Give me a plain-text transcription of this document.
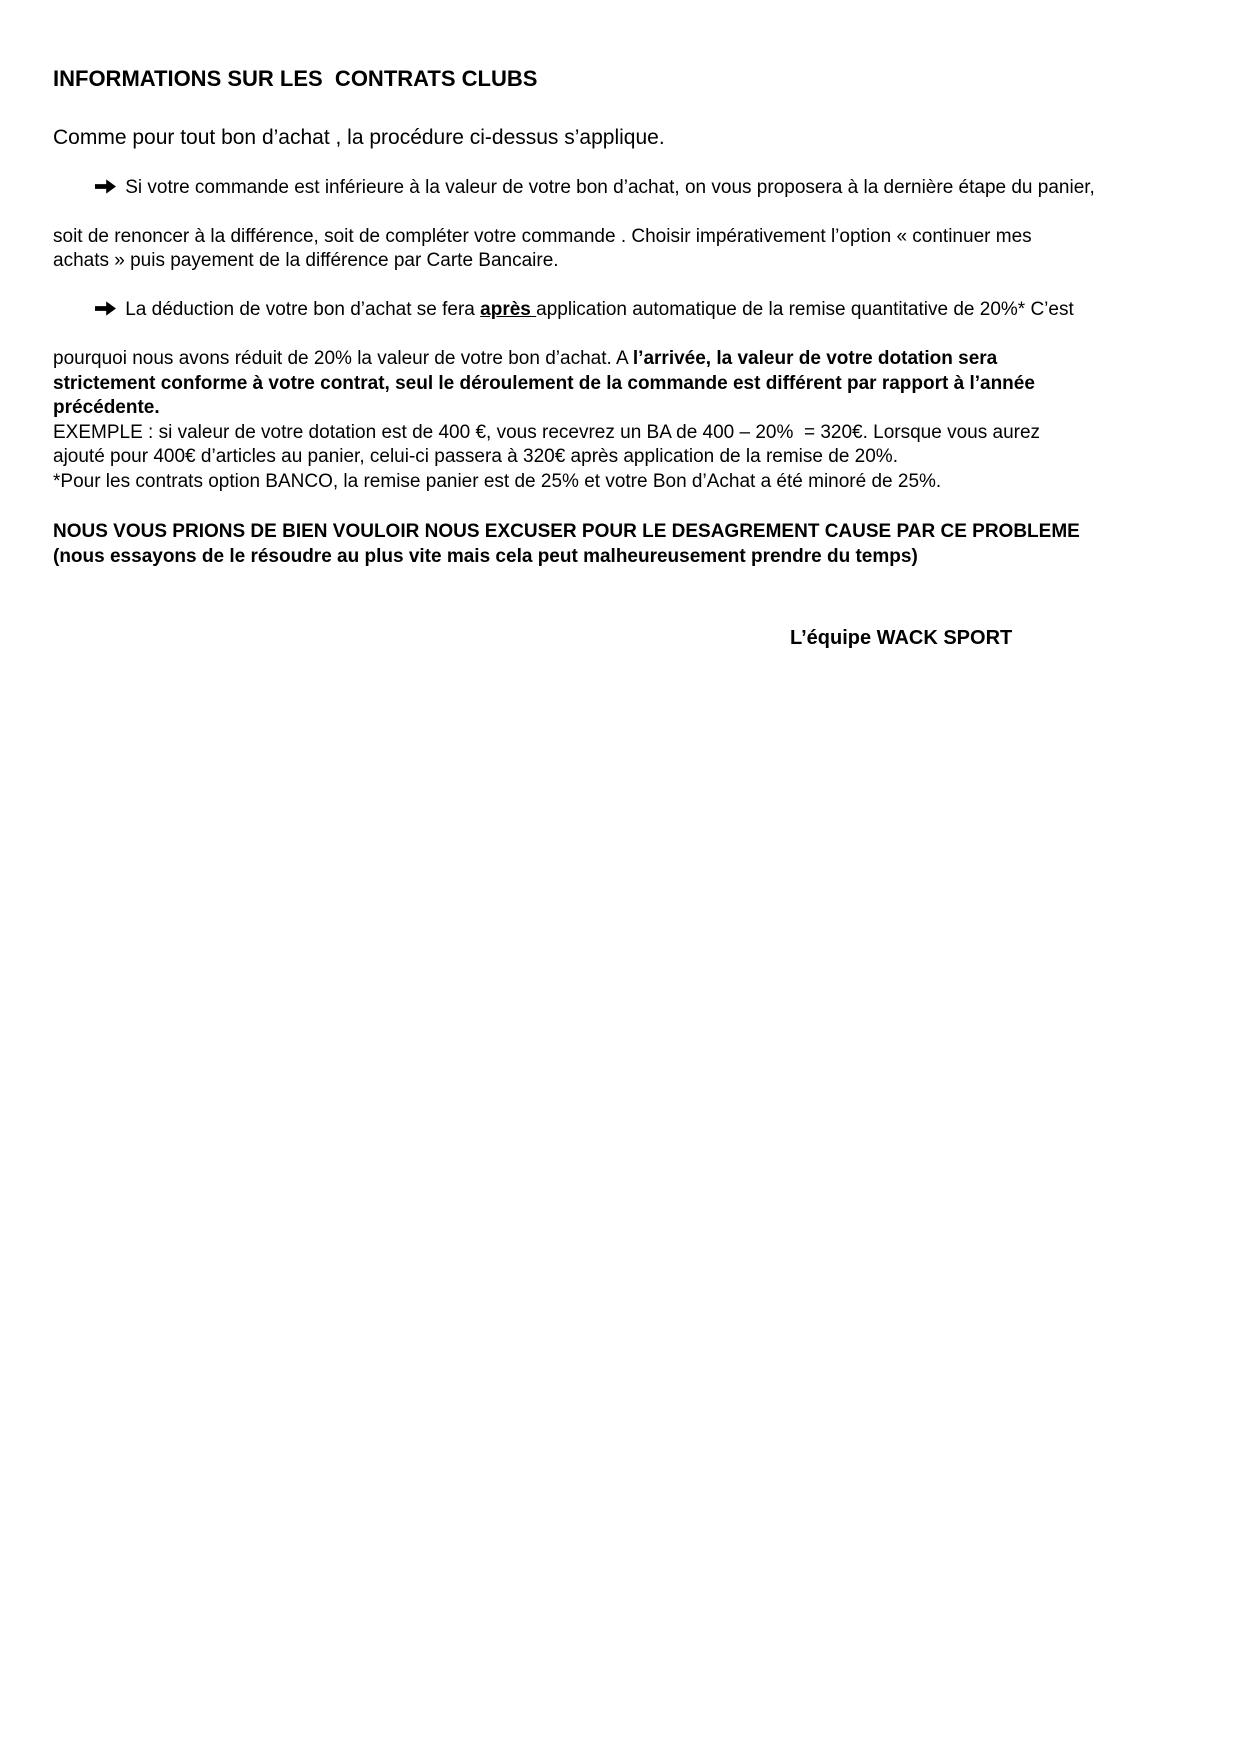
INFORMATIONS SUR LES  CONTRATS CLUBS
Comme pour tout bon d’achat , la procédure ci-dessus s’applique.

Si votre commande est inférieure à la valeur de votre bon d’achat, on vous proposera à la dernière étape du panier,

soit de renoncer à la différence, soit de compléter votre commande . Choisir impérativement l’option « continuer mes
achats » puis payement de la différence par Carte Bancaire.

La déduction de votre bon d’achat se fera après application automatique de la remise quantitative de 20%* C’est

pourquoi nous avons réduit de 20% la valeur de votre bon d’achat. A l’arrivée, la valeur de votre dotation sera
strictement conforme à votre contrat, seul le déroulement de la commande est différent par rapport à l’année
précédente.
EXEMPLE : si valeur de votre dotation est de 400 €, vous recevrez un BA de 400 – 20%  = 320€. Lorsque vous aurez
ajouté pour 400€ d’articles au panier, celui-ci passera à 320€ après application de la remise de 20%.
*Pour les contrats option BANCO, la remise panier est de 25% et votre Bon d’Achat a été minoré de 25%.
NOUS VOUS PRIONS DE BIEN VOULOIR NOUS EXCUSER POUR LE DESAGREMENT CAUSE PAR CE PROBLEME
(nous essayons de le résoudre au plus vite mais cela peut malheureusement prendre du temps)
L’équipe WACK SPORT
